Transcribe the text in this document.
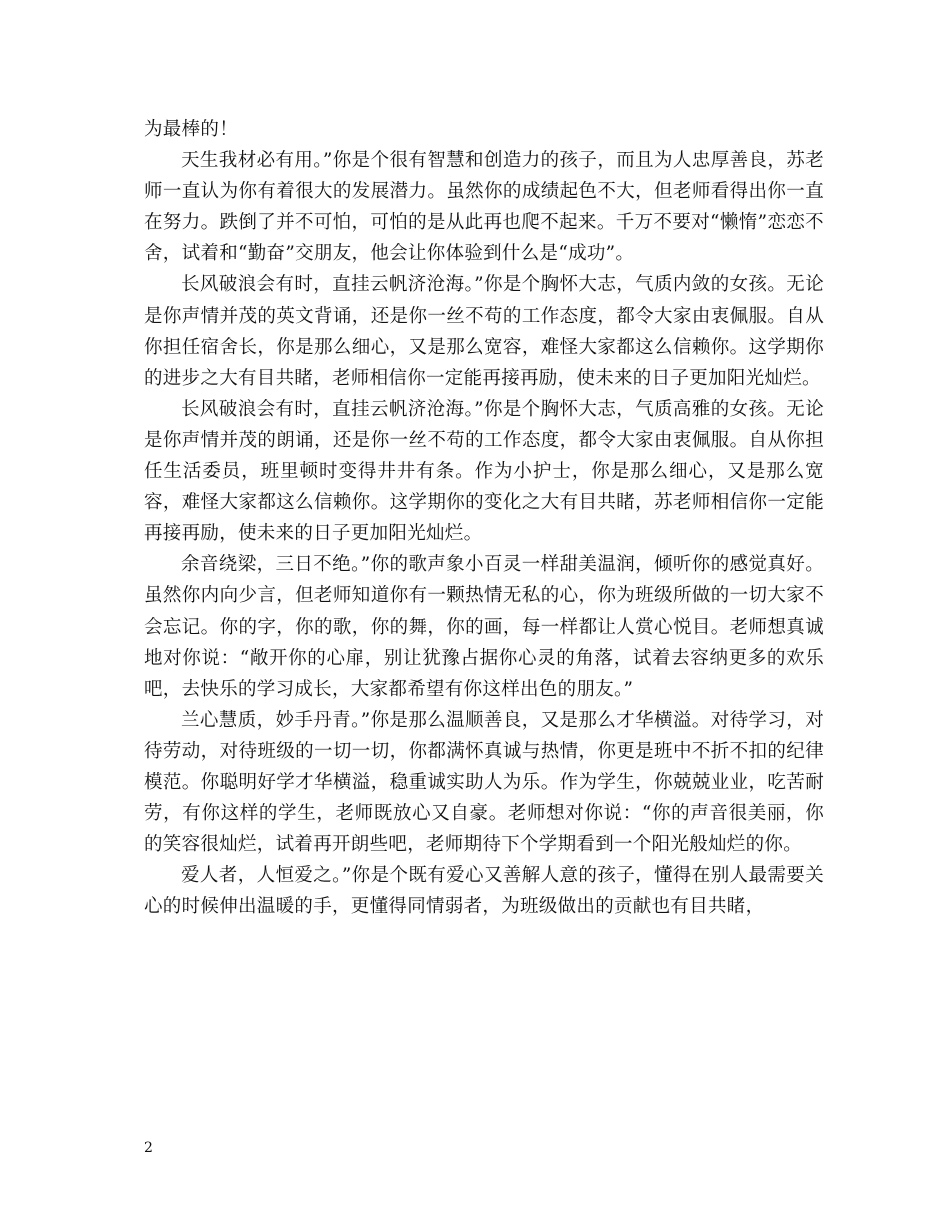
为最棒的！

天生我材必有用。”你是个很有智慧和创造力的孩子，而且为人忠厚善良，苏老师一直认为你有着很大的发展潜力。虽然你的成绩起色不大，但老师看得出你一直在努力。跌倒了并不可怕，可怕的是从此再也爬不起来。千万不要对“懒惰”恋恋不舍，试着和“勤奋”交朋友，他会让你体验到什么是“成功”。

长风破浪会有时，直挂云帆济沧海。”你是个胸怀大志，气质内敛的女孩。无论是你声情并茂的英文背诵，还是你一丝不苟的工作态度，都令大家由衷佩服。自从你担任宿舍长，你是那么细心，又是那么宽容，难怪大家都这么信赖你。这学期你的进步之大有目共睹，老师相信你一定能再接再励，使未来的日子更加阳光灿烂。

长风破浪会有时，直挂云帆济沧海。”你是个胸怀大志，气质高雅的女孩。无论是你声情并茂的朗诵，还是你一丝不苟的工作态度，都令大家由衷佩服。自从你担任生活委员，班里顿时变得井井有条。作为小护士，你是那么细心，又是那么宽容，难怪大家都这么信赖你。这学期你的变化之大有目共睹，苏老师相信你一定能再接再励，使未来的日子更加阳光灿烂。

余音绕梁，三日不绝。”你的歌声象小百灵一样甜美温润，倾听你的感觉真好。虽然你内向少言，但老师知道你有一颗热情无私的心，你为班级所做的一切大家不会忘记。你的字，你的歌，你的舞，你的画，每一样都让人赏心悦目。老师想真诚地对你说：“敞开你的心扉，别让犹豫占据你心灵的角落，试着去容纳更多的欢乐吧，去快乐的学习成长，大家都希望有你这样出色的朋友。”

兰心慧质，妙手丹青。”你是那么温顺善良，又是那么才华横溢。对待学习，对待劳动，对待班级的一切一切，你都满怀真诚与热情，你更是班中不折不扣的纪律模范。你聪明好学才华横溢，稳重诚实助人为乐。作为学生，你兢兢业业，吃苦耐劳，有你这样的学生，老师既放心又自豪。老师想对你说：“你的声音很美丽，你的笑容很灿烂，试着再开朗些吧，老师期待下个学期看到一个阳光般灿烂的你。

爱人者，人恒爱之。”你是个既有爱心又善解人意的孩子，懂得在别人最需要关心的时候伸出温暖的手，更懂得同情弱者，为班级做出的贡献也有目共睹，

2
